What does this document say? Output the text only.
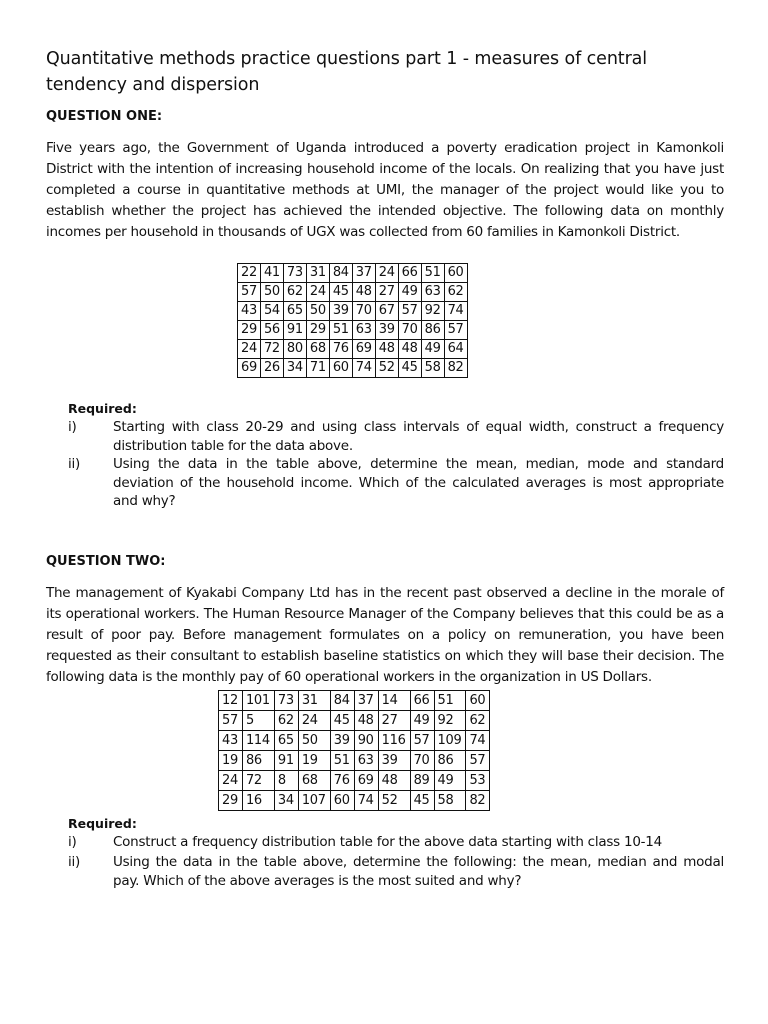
Quantitative methods practice questions part 1 - measures of central tendency and dispersion
QUESTION ONE:

Five years ago, the Government of Uganda introduced a poverty eradication project in Kamonkoli District with the intention of increasing household income of the locals. On realizing that you have just completed a course in quantitative methods at UMI, the manager of the project would like you to establish whether the project has achieved the intended objective. The following data on monthly incomes per household in thousands of UGX was collected from 60 families in Kamonkoli District.

22	41	73	31	84	37	24	66	51	60
57	50	62	24	45	48	27	49	63	62
43	54	65	50	39	70	67	57	92	74
29	56	91	29	51	63	39	70	86	57
24	72	80	68	76	69	48	48	49	64
69	26	34	71	60	74	52	45	58	82
Required:
i)	Starting with class 20-29 and using class intervals of equal width, construct a frequency distribution table for the data above.
ii)	Using the data in the table above, determine the mean, median, mode and standard deviation of the household income. Which of the calculated averages is most appropriate and why?
QUESTION TWO:

The management of Kyakabi Company Ltd has in the recent past observed a decline in the morale of its operational workers. The Human Resource Manager of the Company believes that this could be as a result of poor pay. Before management formulates on a policy on remuneration, you have been requested as their consultant to establish baseline statistics on which they will base their decision. The following data is the monthly pay of 60 operational workers in the organization in US Dollars.

12	101	73	31	84	37	14	66	51	60
57	5	62	24	45	48	27	49	92	62
43	114	65	50	39	90	116	57	109	74
19	86	91	19	51	63	39	70	86	57
24	72	8	68	76	69	48	89	49	53
29	16	34	107	60	74	52	45	58	82
Required:
i)	Construct a frequency distribution table for the above data starting with class 10-14
ii)	Using the data in the table above, determine the following: the mean, median and modal pay. Which of the above averages is the most suited and why?
